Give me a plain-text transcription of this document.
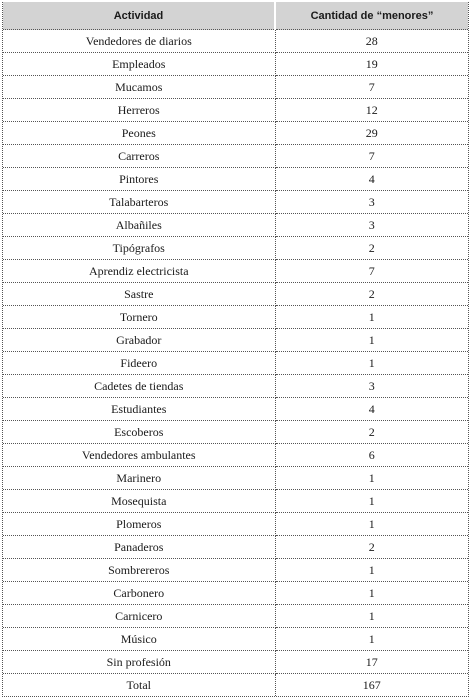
Actividad	Cantidad de “menores”
Vendedores de diarios	28
Empleados	19
Mucamos	7
Herreros	12
Peones	29
Carreros	7
Pintores	4
Talabarteros	3
Albañiles	3
Tipógrafos	2
Aprendiz electricista	7
Sastre	2
Tornero	1
Grabador	1
Fideero	1
Cadetes de tiendas	3
Estudiantes	4
Escoberos	2
Vendedores ambulantes	6
Marinero	1
Mosequista	1
Plomeros	1
Panaderos	2
Sombrereros	1
Carbonero	1
Carnicero	1
Músico	1
Sin profesión	17
Total	167
